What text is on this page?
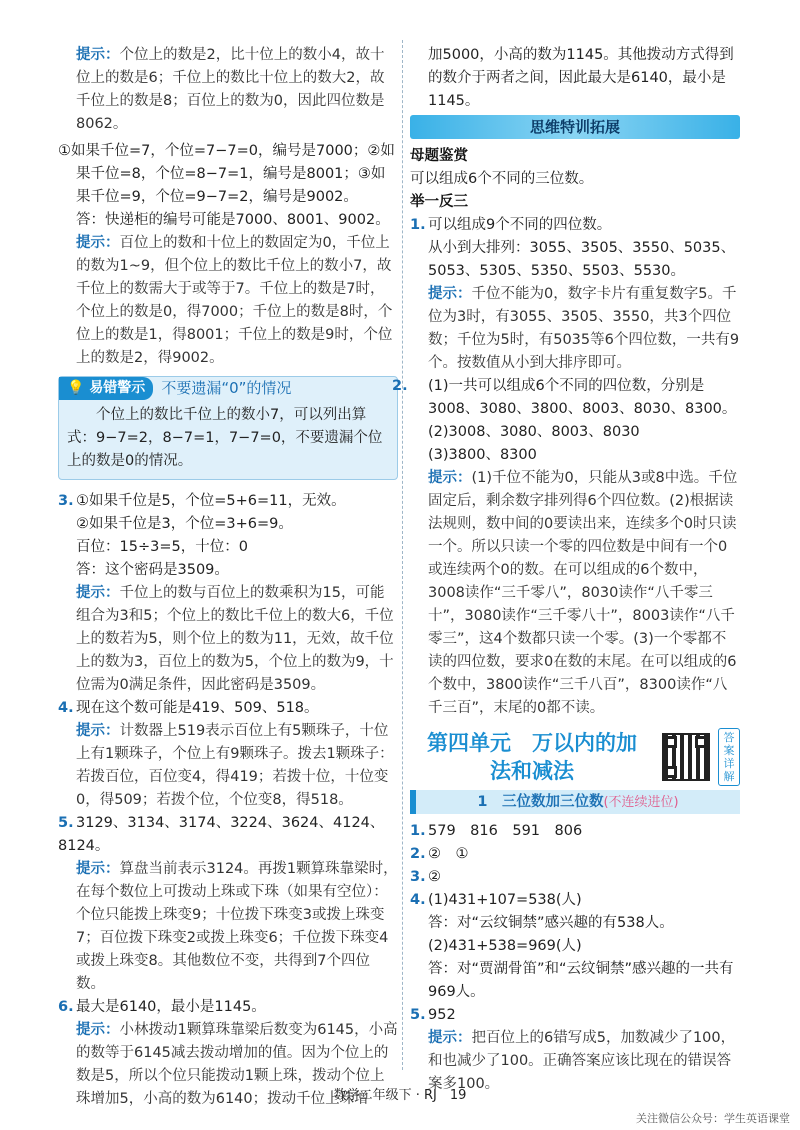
提示：个位上的数是2，比十位上的数小4，故十位上的数是6；千位上的数比十位上的数大2，故千位上的数是8；百位上的数为0，因此四位数是8062。

①如果千位=7，个位=7−7=0，编号是7000；②如果千位=8，个位=8−7=1，编号是8001；③如果千位=9，个位=9−7=2，编号是9002。

答：快递柜的编号可能是7000、8001、9002。

提示：百位上的数和十位上的数固定为0，千位上的数为1~9，但个位上的数比千位上的数小7，故千位上的数需大于或等于7。千位上的数是7时，个位上的数是0，得7000；千位上的数是8时，个位上的数是1，得8001；千位上的数是9时，个位上的数是2，得9002。

💡 易错警示	不要遗漏“0”的情况

个位上的数比千位上的数小7，可以列出算式：9−7=2，8−7=1，7−7=0，不要遗漏个位上的数是0的情况。

3. ①如果千位是5，个位=5+6=11，无效。

②如果千位是3，个位=3+6=9。

百位：15÷3=5，十位：0

答：这个密码是3509。

提示：千位上的数与百位上的数乘积为15，可能组合为3和5；个位上的数比千位上的数大6，千位上的数若为5，则个位上的数为11，无效，故千位上的数为3，百位上的数为5，个位上的数为9，十位需为0满足条件，因此密码是3509。

4. 现在这个数可能是419、509、518。

提示：计数器上519表示百位上有5颗珠子，十位上有1颗珠子，个位上有9颗珠子。拨去1颗珠子：若拨百位，百位变4，得419；若拨十位，十位变0，得509；若拨个位，个位变8，得518。

5. 3129、3134、3174、3224、3624、4124、8124。

提示：算盘当前表示3124。再拨1颗算珠靠梁时，在每个数位上可拨动上珠或下珠（如果有空位）：个位只能拨上珠变9；十位拨下珠变3或拨上珠变7；百位拨下珠变2或拨上珠变6；千位拨下珠变4或拨上珠变8。其他数位不变，共得到7个四位数。

6. 最大是6140，最小是1145。

提示：小林拨动1颗算珠靠梁后数变为6145，小高的数等于6145减去拨动增加的值。因为个位上的数是5，所以个位只能拨动1颗上珠，拨动个位上珠增加5，小高的数为6140；拨动千位上珠增

加5000，小高的数为1145。其他拨动方式得到的数介于两者之间，因此最大是6140，最小是1145。

思维特训拓展

母题鉴赏

可以组成6个不同的三位数。

举一反三

1. 可以组成9个不同的四位数。

从小到大排列：3055、3505、3550、5035、5053、5305、5350、5503、5530。

提示：千位不能为0，数字卡片有重复数字5。千位为3时，有3055、3505、3550，共3个四位数；千位为5时，有5035等6个四位数，一共有9个。按数值从小到大排序即可。

2. (1)一共可以组成6个不同的四位数，分别是3008、3080、3800、8003、8030、8300。

(2)3008、3080、8003、8030

(3)3800、8300

提示：(1)千位不能为0，只能从3或8中选。千位固定后，剩余数字排列得6个四位数。(2)根据读法规则，数中间的0要读出来，连续多个0时只读一个。所以只读一个零的四位数是中间有一个0或连续两个0的数。在可以组成的6个数中，3008读作“三千零八”，8030读作“八千零三十”，3080读作“三千零八十”，8003读作“八千零三”，这4个数都只读一个零。(3)一个零都不读的四位数，要求0在数的末尾。在可以组成的6个数中，3800读作“三千八百”，8300读作“八千三百”，末尾的0都不读。

第四单元　万以内的加
法和减法
答案详解
1　 三位数加三位数(不连续进位)

1. 579　816　591　806

2. ②　①

3. ②

4. (1)431+107=538(人)

答：对“云纹铜禁”感兴趣的有538人。

(2)431+538=969(人)

答：对“贾湖骨笛”和“云纹铜禁”感兴趣的一共有969人。

5. 952

提示：把百位上的6错写成5，加数减少了100，和也减少了100。正确答案应该比现在的错误答案多100。

数学二年级下 · RJ　19
关注微信公众号：学生英语课堂
